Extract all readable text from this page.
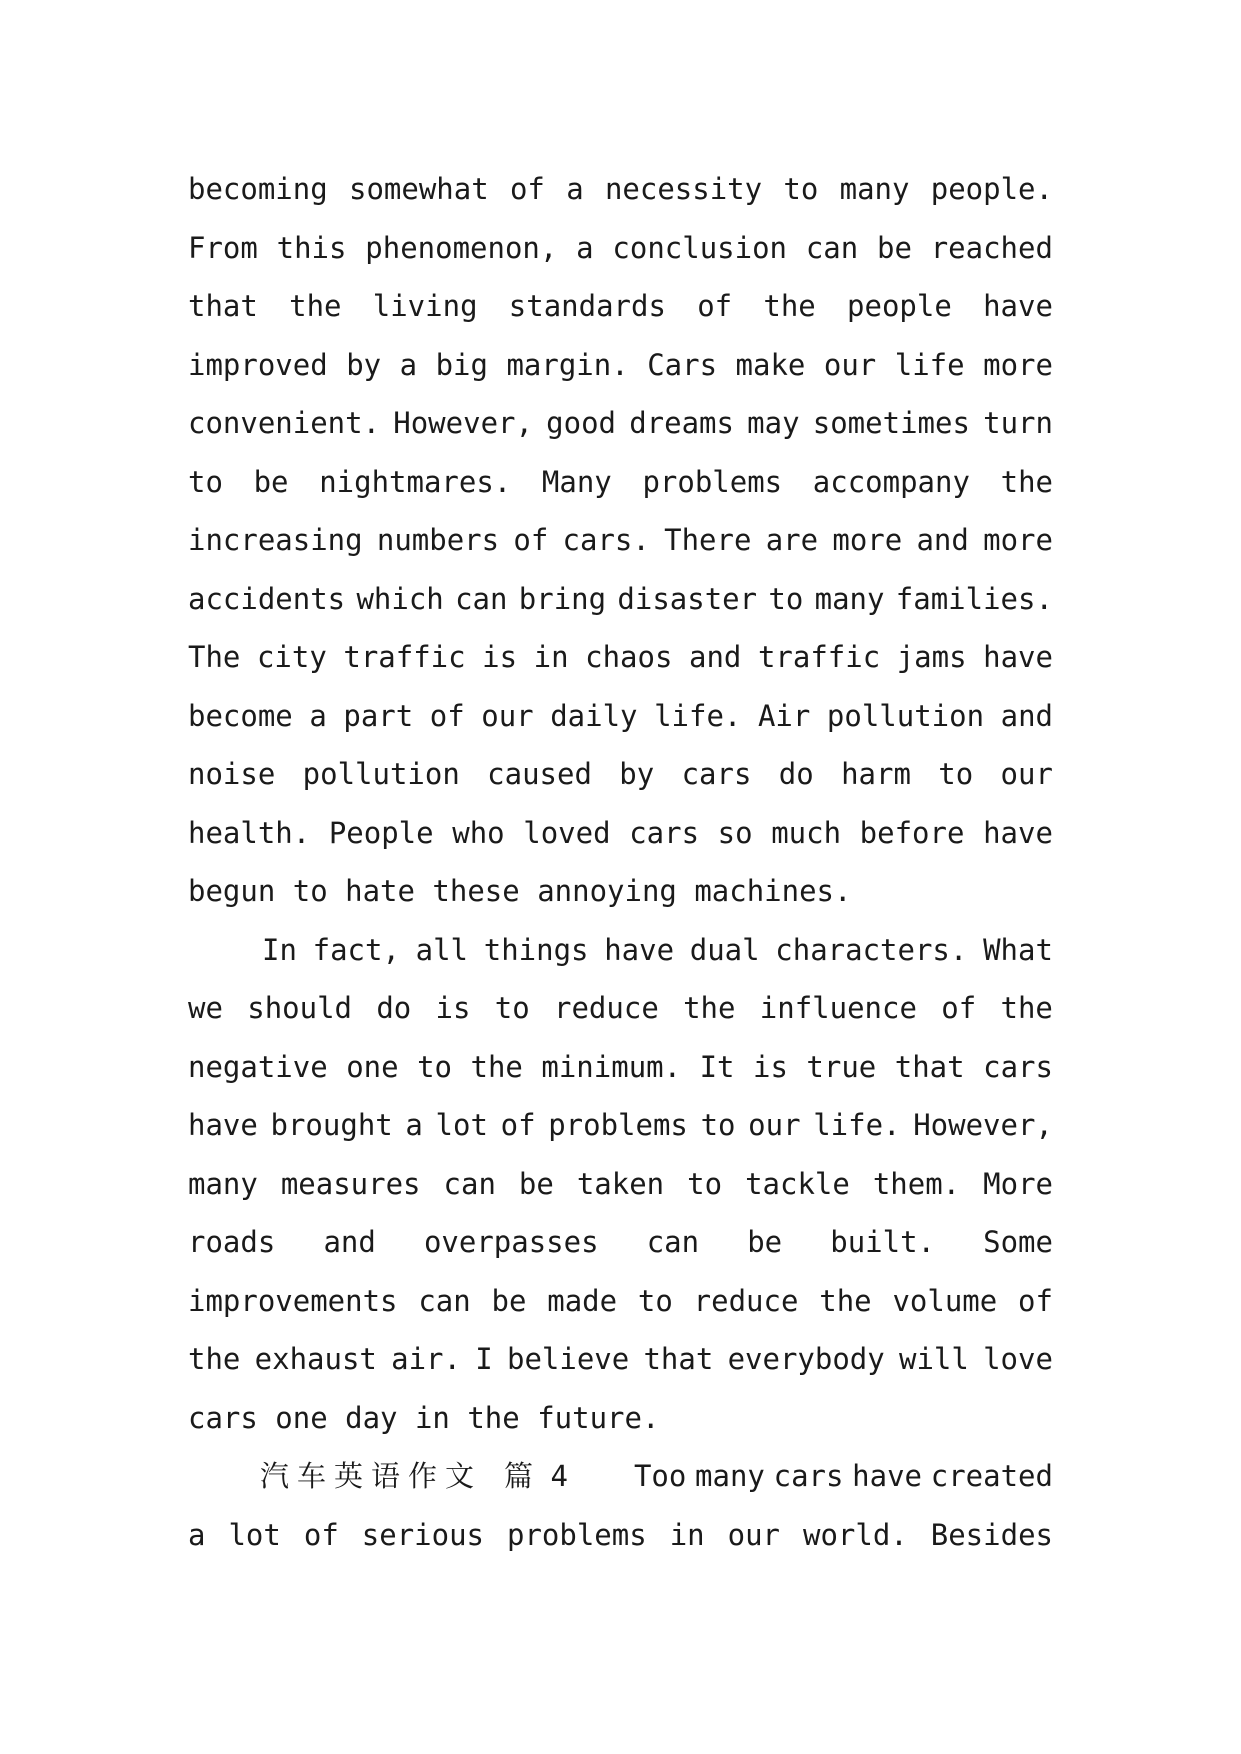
becoming somewhat of a necessity to many people.
From this phenomenon, a conclusion can be reached
that the living standards of the people have
improved by a big margin. Cars make our life more
convenient. However, good dreams may sometimes turn
to be nightmares. Many problems accompany the
increasing numbers of cars. There are more and more
accidents which can bring disaster to many families.
The city traffic is in chaos and traffic jams have
become a part of our daily life. Air pollution and
noise pollution caused by cars do harm to our
health. People who loved cars so much before have
begun to hate these annoying machines.
In fact, all things have dual characters. What
we should do is to reduce the influence of the
negative one to the minimum. It is true that cars
have brought a lot of problems to our life. However,
many measures can be taken to tackle them. More
roads and overpasses can be built. Some
improvements can be made to reduce the volume of
the exhaust air. I believe that everybody will love
cars one day in the future.
汽车英语作文 篇 4 Too many cars have created
a lot of serious problems in our world. Besides
